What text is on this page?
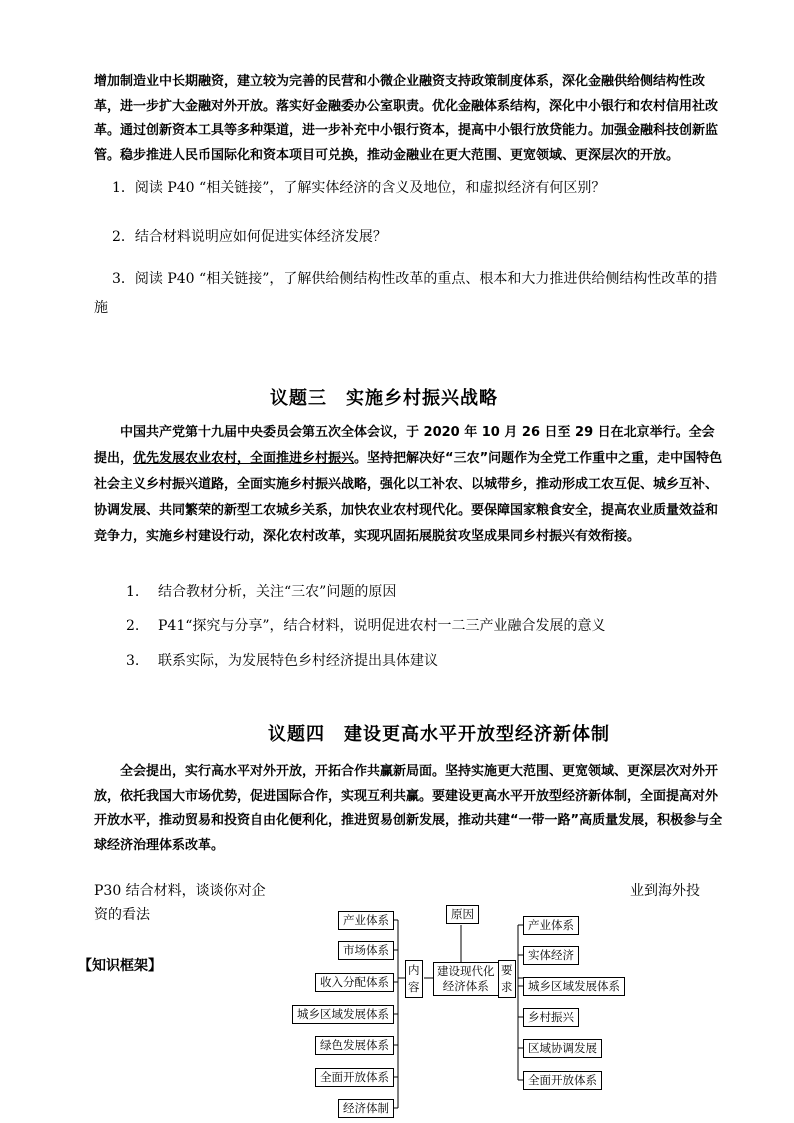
增加制造业中长期融资，建立较为完善的民营和小微企业融资支持政策制度体系，深化金融供给侧结构性改革，进一步扩大金融对外开放。落实好金融委办公室职责。优化金融体系结构，深化中小银行和农村信用社改革。通过创新资本工具等多种渠道，进一步补充中小银行资本，提高中小银行放贷能力。加强金融科技创新监管。稳步推进人民币国际化和资本项目可兑换，推动金融业在更大范围、更宽领域、更深层次的开放。
1．阅读 P40 “相关链接”，了解实体经济的含义及地位，和虚拟经济有何区别？
2．结合材料说明应如何促进实体经济发展？
3．阅读 P40 “相关链接”，了解供给侧结构性改革的重点、根本和大力推进供给侧结构性改革的措施
议题三　实施乡村振兴战略
中国共产党第十九届中央委员会第五次全体会议，于 2020 年 10 月 26 日至 29 日在北京举行。全会提出，优先发展农业农村，全面推进乡村振兴。坚持把解决好“三农”问题作为全党工作重中之重，走中国特色社会主义乡村振兴道路，全面实施乡村振兴战略，强化以工补农、以城带乡，推动形成工农互促、城乡互补、协调发展、共同繁荣的新型工农城乡关系，加快农业农村现代化。要保障国家粮食安全，提高农业质量效益和竞争力，实施乡村建设行动，深化农村改革，实现巩固拓展脱贫攻坚成果同乡村振兴有效衔接。
1. 结合教材分析，关注“三农”问题的原因
2. P41“探究与分享”，结合材料，说明促进农村一二三产业融合发展的意义
3. 联系实际，为发展特色乡村经济提出具体建议
议题四　建设更高水平开放型经济新体制
全会提出，实行高水平对外开放，开拓合作共赢新局面。坚持实施更大范围、更宽领域、更深层次对外开放，依托我国大市场优势，促进国际合作，实现互利共赢。要建设更高水平开放型经济新体制，全面提高对外开放水平，推动贸易和投资自由化便利化，推进贸易创新发展，推动共建“一带一路”高质量发展，积极参与全球经济治理体系改革。
P30 结合材料，谈谈你对企	业到海外投
资的看法
【知识框架】
原因
建设现代化
经济体系
内
容
要
求
产业体系
市场体系
收入分配体系
城乡区域发展体系
绿色发展体系
全面开放体系
经济体制
产业体系
实体经济
城乡区域发展体系
乡村振兴
区域协调发展
全面开放体系
